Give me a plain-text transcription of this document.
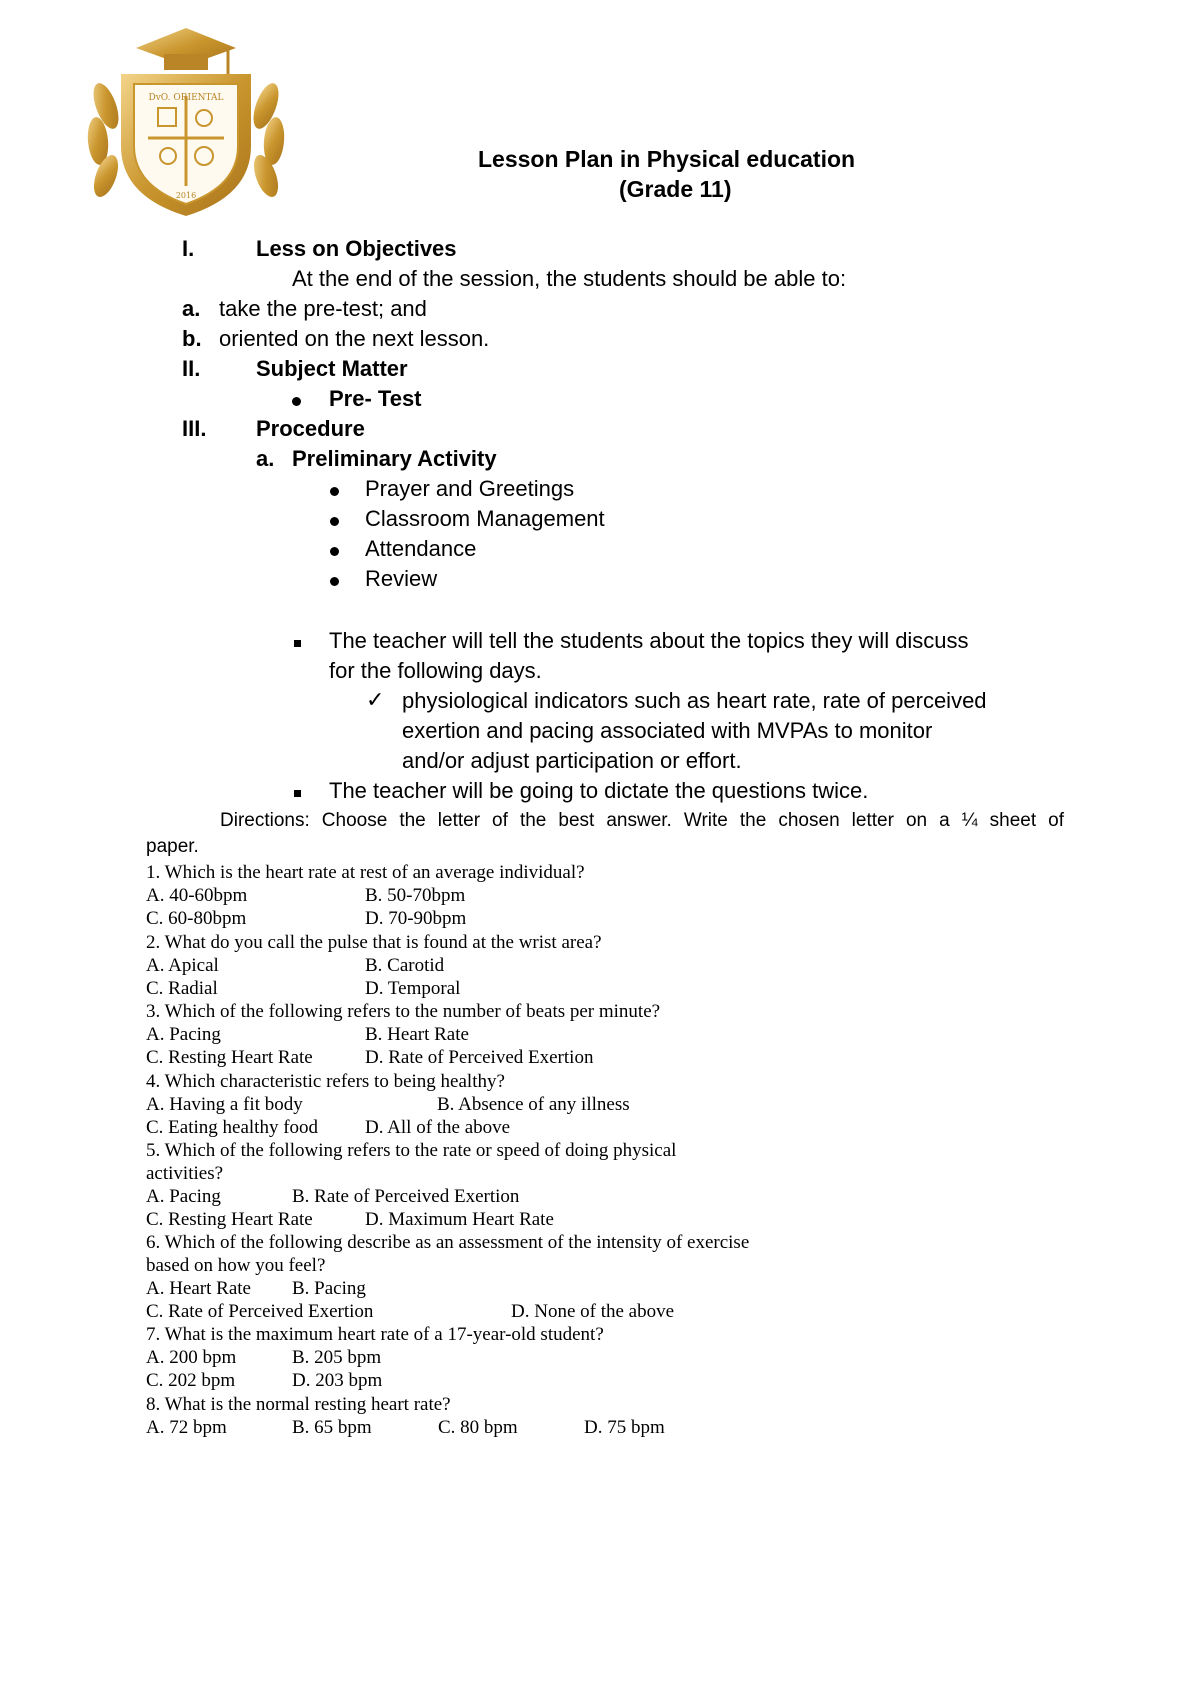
DvO. ORIENTAL
2016
Lesson Plan in Physical education
(Grade 11)
I.	Less on Objectives
At the end of the session, the students should be able to:
a. take the pre-test; and
b. oriented on the next lesson.
II.	Subject Matter
Pre- Test
III. Procedure
a. Preliminary Activity
Prayer and Greetings
Classroom Management
Attendance
Review
The teacher will tell the students about the topics they will discuss
for the following days.
✓ physiological indicators such as heart rate, rate of perceived
exertion and pacing associated with MVPAs to monitor
and/or adjust participation or effort.
The teacher will be going to dictate the questions twice.
Directions: Choose the letter of the best answer. Write the chosen letter on a ¼ sheet of
paper.
1. Which is the heart rate at rest of an average individual?
A. 40-60bpm	B. 50-70bpm
C. 60-80bpm	D. 70-90bpm
2. What do you call the pulse that is found at the wrist area?
A. Apical	B. Carotid
C. Radial	D. Temporal
3. Which of the following refers to the number of beats per minute?
A. Pacing	B. Heart Rate
C. Resting Heart Rate	D. Rate of Perceived Exertion
4. Which characteristic refers to being healthy?
A. Having a fit body	B. Absence of any illness
C. Eating healthy food D. All of the above
5. Which of the following refers to the rate or speed of doing physical
activities?
A. Pacing	B. Rate of Perceived Exertion
C. Resting Heart Rate	D. Maximum Heart Rate
6. Which of the following describe as an assessment of the intensity of exercise
based on how you feel?
A. Heart Rate B. Pacing
C. Rate of Perceived Exertion	D. None of the above
7. What is the maximum heart rate of a 17-year-old student?
A. 200 bpm	B. 205 bpm
C. 202 bpm	D. 203 bpm
8. What is the normal resting heart rate?
A. 72 bpm	B. 65 bpm	C. 80 bpm	D. 75 bpm
